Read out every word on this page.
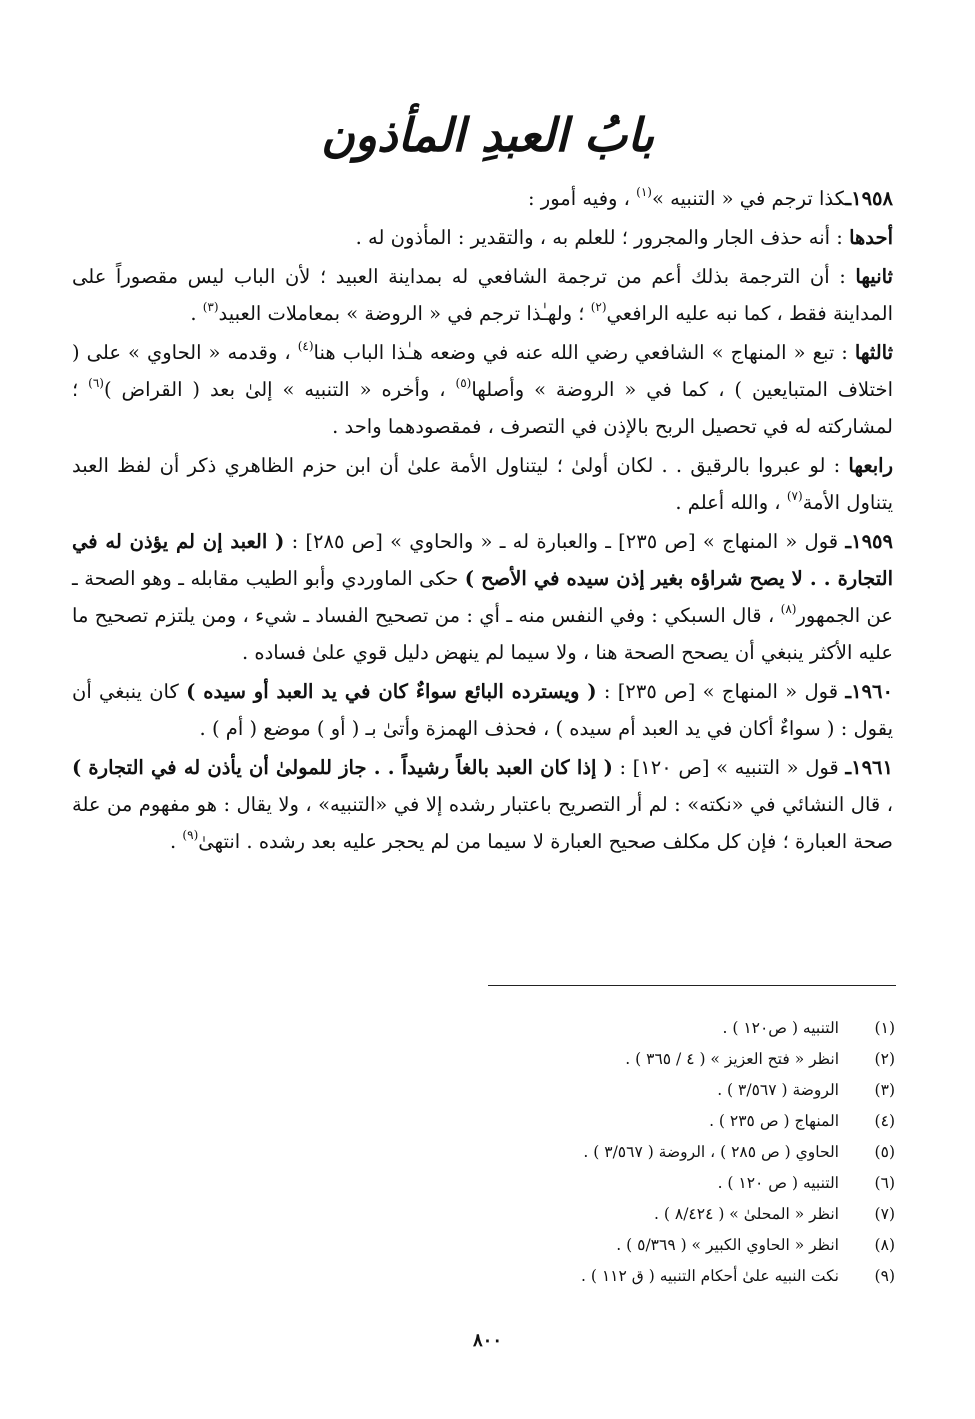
بابُ العبدِ المأذون

١٩٥٨ـكذا ترجم في « التنبيه »$^{(١)}$ ، وفيه أمور :

أحدها : أنه حذف الجار والمجرور ؛ للعلم به ، والتقدير : المأذون له .

ثانيها : أن الترجمة بذلك أعم من ترجمة الشافعي له بمداينة العبيد ؛ لأن الباب ليس مقصوراً على المداينة فقط ، كما نبه عليه الرافعي$^{(٢)}$ ؛ ولهـٰذا ترجم في « الروضة » بمعاملات العبيد$^{(٣)}$ .

ثالثها : تبع « المنهاج » الشافعي رضي الله عنه في وضعه هـٰذا الباب هنا$^{(٤)}$ ، وقدمه « الحاوي » على ( اختلاف المتبايعين ) ، كما في « الروضة » وأصلها$^{(٥)}$ ، وأخره « التنبيه » إلىٰ بعد ( القراض )$^{(٦)}$ ؛ لمشاركته له في تحصيل الربح بالإذن في التصرف ، فمقصودهما واحد .

رابعها : لو عبروا بالرقيق . . لكان أولىٰ ؛ ليتناول الأمة علىٰ أن ابن حزم الظاهري ذكر أن لفظ العبد يتناول الأمة$^{(٧)}$ ، والله أعلم .

١٩٥٩ـ قول « المنهاج » [ص ٢٣٥] ـ والعبارة له ـ « والحاوي » [ص ٢٨٥] : ( العبد إن لم يؤذن له في التجارة . . لا يصح شراؤه بغير إذن سيده في الأصح ) حكى الماوردي وأبو الطيب مقابله ـ وهو الصحة ـ عن الجمهور$^{(٨)}$ ، قال السبكي : وفي النفس منه ـ أي : من تصحيح الفساد ـ شيء ، ومن يلتزم تصحيح ما عليه الأكثر ينبغي أن يصحح الصحة هنا ، ولا سيما لم ينهض دليل قوي علىٰ فساده .

١٩٦٠ـ قول « المنهاج » [ص ٢٣٥] : ( ويسترده البائع سواءٌ كان في يد العبد أو سيده ) كان ينبغي أن يقول : ( سواءٌ أكان في يد العبد أم سيده ) ، فحذف الهمزة وأتىٰ بـ ( أو ) موضع ( أم ) .

١٩٦١ـ قول « التنبيه » [ص ١٢٠] : ( إذا كان العبد بالغاً رشيداً . . جاز للمولىٰ أن يأذن له في التجارة ) ، قال النشائي في «نكته» : لم أر التصريح باعتبار رشده إلا في «التنبيه» ، ولا يقال : هو مفهوم من علة صحة العبارة ؛ فإن كل مكلف صحيح العبارة لا سيما من لم يحجر عليه بعد رشده . انتهىٰ$^{(٩)}$ .

(١)
التنبيه ( ص١٢٠ ) .
(٢)
انظر « فتح العزيز » ( ٤ / ٣٦٥ ) .
(٣)
الروضة ( ٣/٥٦٧ ) .
(٤)
المنهاج ( ص ٢٣٥ ) .
(٥)
الحاوي ( ص ٢٨٥ ) ، الروضة ( ٣/٥٦٧ ) .
(٦)
التنبيه ( ص ١٢٠ ) .
(٧)
انظر « المحلىٰ » ( ٨/٤٢٤ ) .
(٨)
انظر « الحاوي الكبير » ( ٥/٣٦٩ ) .
(٩)
نكت النبيه علىٰ أحكام التنبيه ( ق ١١٢ ) .
٨٠٠
